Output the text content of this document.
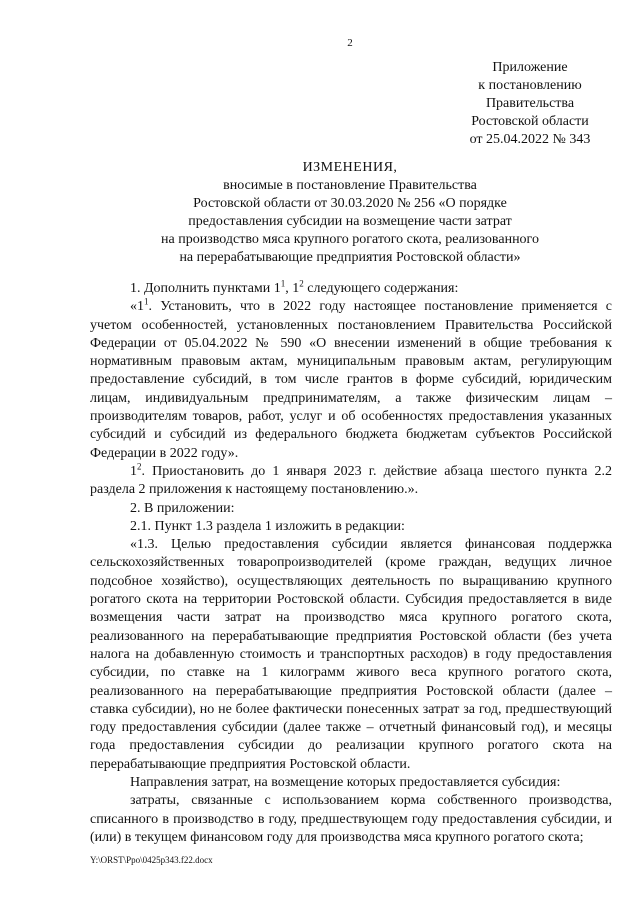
2
Приложение
к постановлению
Правительства
Ростовской области
от 25.04.2022 № 343
ИЗМЕНЕНИЯ,
вносимые в постановление Правительства
Ростовской области от 30.03.2020 № 256 «О порядке
предоставления субсидии на возмещение части затрат
на производство мяса крупного рогатого скота, реализованного
на перерабатывающие предприятия Ростовской области»

1. Дополнить пунктами $1^1$, $1^2$ следующего содержания:

«$1^1$. Установить, что в 2022 году настоящее постановление применяется с учетом особенностей, установленных постановлением Правительства Российской Федерации от 05.04.2022 № 590 «О внесении изменений в общие требования к нормативным правовым актам, муниципальным правовым актам, регулирующим предоставление субсидий, в том числе грантов в форме субсидий, юридическим лицам, индивидуальным предпринимателям, а также физическим лицам – производителям товаров, работ, услуг и об особенностях предоставления указанных субсидий и субсидий из федерального бюджета бюджетам субъектов Российской Федерации в 2022 году».

$1^2$. Приостановить до 1 января 2023 г. действие абзаца шестого пункта 2.2 раздела 2 приложения к настоящему постановлению.».

2. В приложении:

2.1. Пункт 1.3 раздела 1 изложить в редакции:

«1.3. Целью предоставления субсидии является финансовая поддержка сельскохозяйственных товаропроизводителей (кроме граждан, ведущих личное подсобное хозяйство), осуществляющих деятельность по выращиванию крупного рогатого скота на территории Ростовской области. Субсидия предоставляется в виде возмещения части затрат на производство мяса крупного рогатого скота, реализованного на перерабатывающие предприятия Ростовской области (без учета налога на добавленную стоимость и транспортных расходов) в году предоставления субсидии, по ставке на 1 килограмм живого веса крупного рогатого скота, реализованного на перерабатывающие предприятия Ростовской области (далее – ставка субсидии), но не более фактически понесенных затрат за год, предшествующий году предоставления субсидии (далее также – отчетный финансовый год), и месяцы года предоставления субсидии до реализации крупного рогатого скота на перерабатывающие предприятия Ростовской области.

Направления затрат, на возмещение которых предоставляется субсидия:

затраты, связанные с использованием корма собственного производства, списанного в производство в году, предшествующем году предоставления субсидии, и (или) в текущем финансовом году для производства мяса крупного рогатого скота;

Y:\ORST\Ppo\0425p343.f22.docx
